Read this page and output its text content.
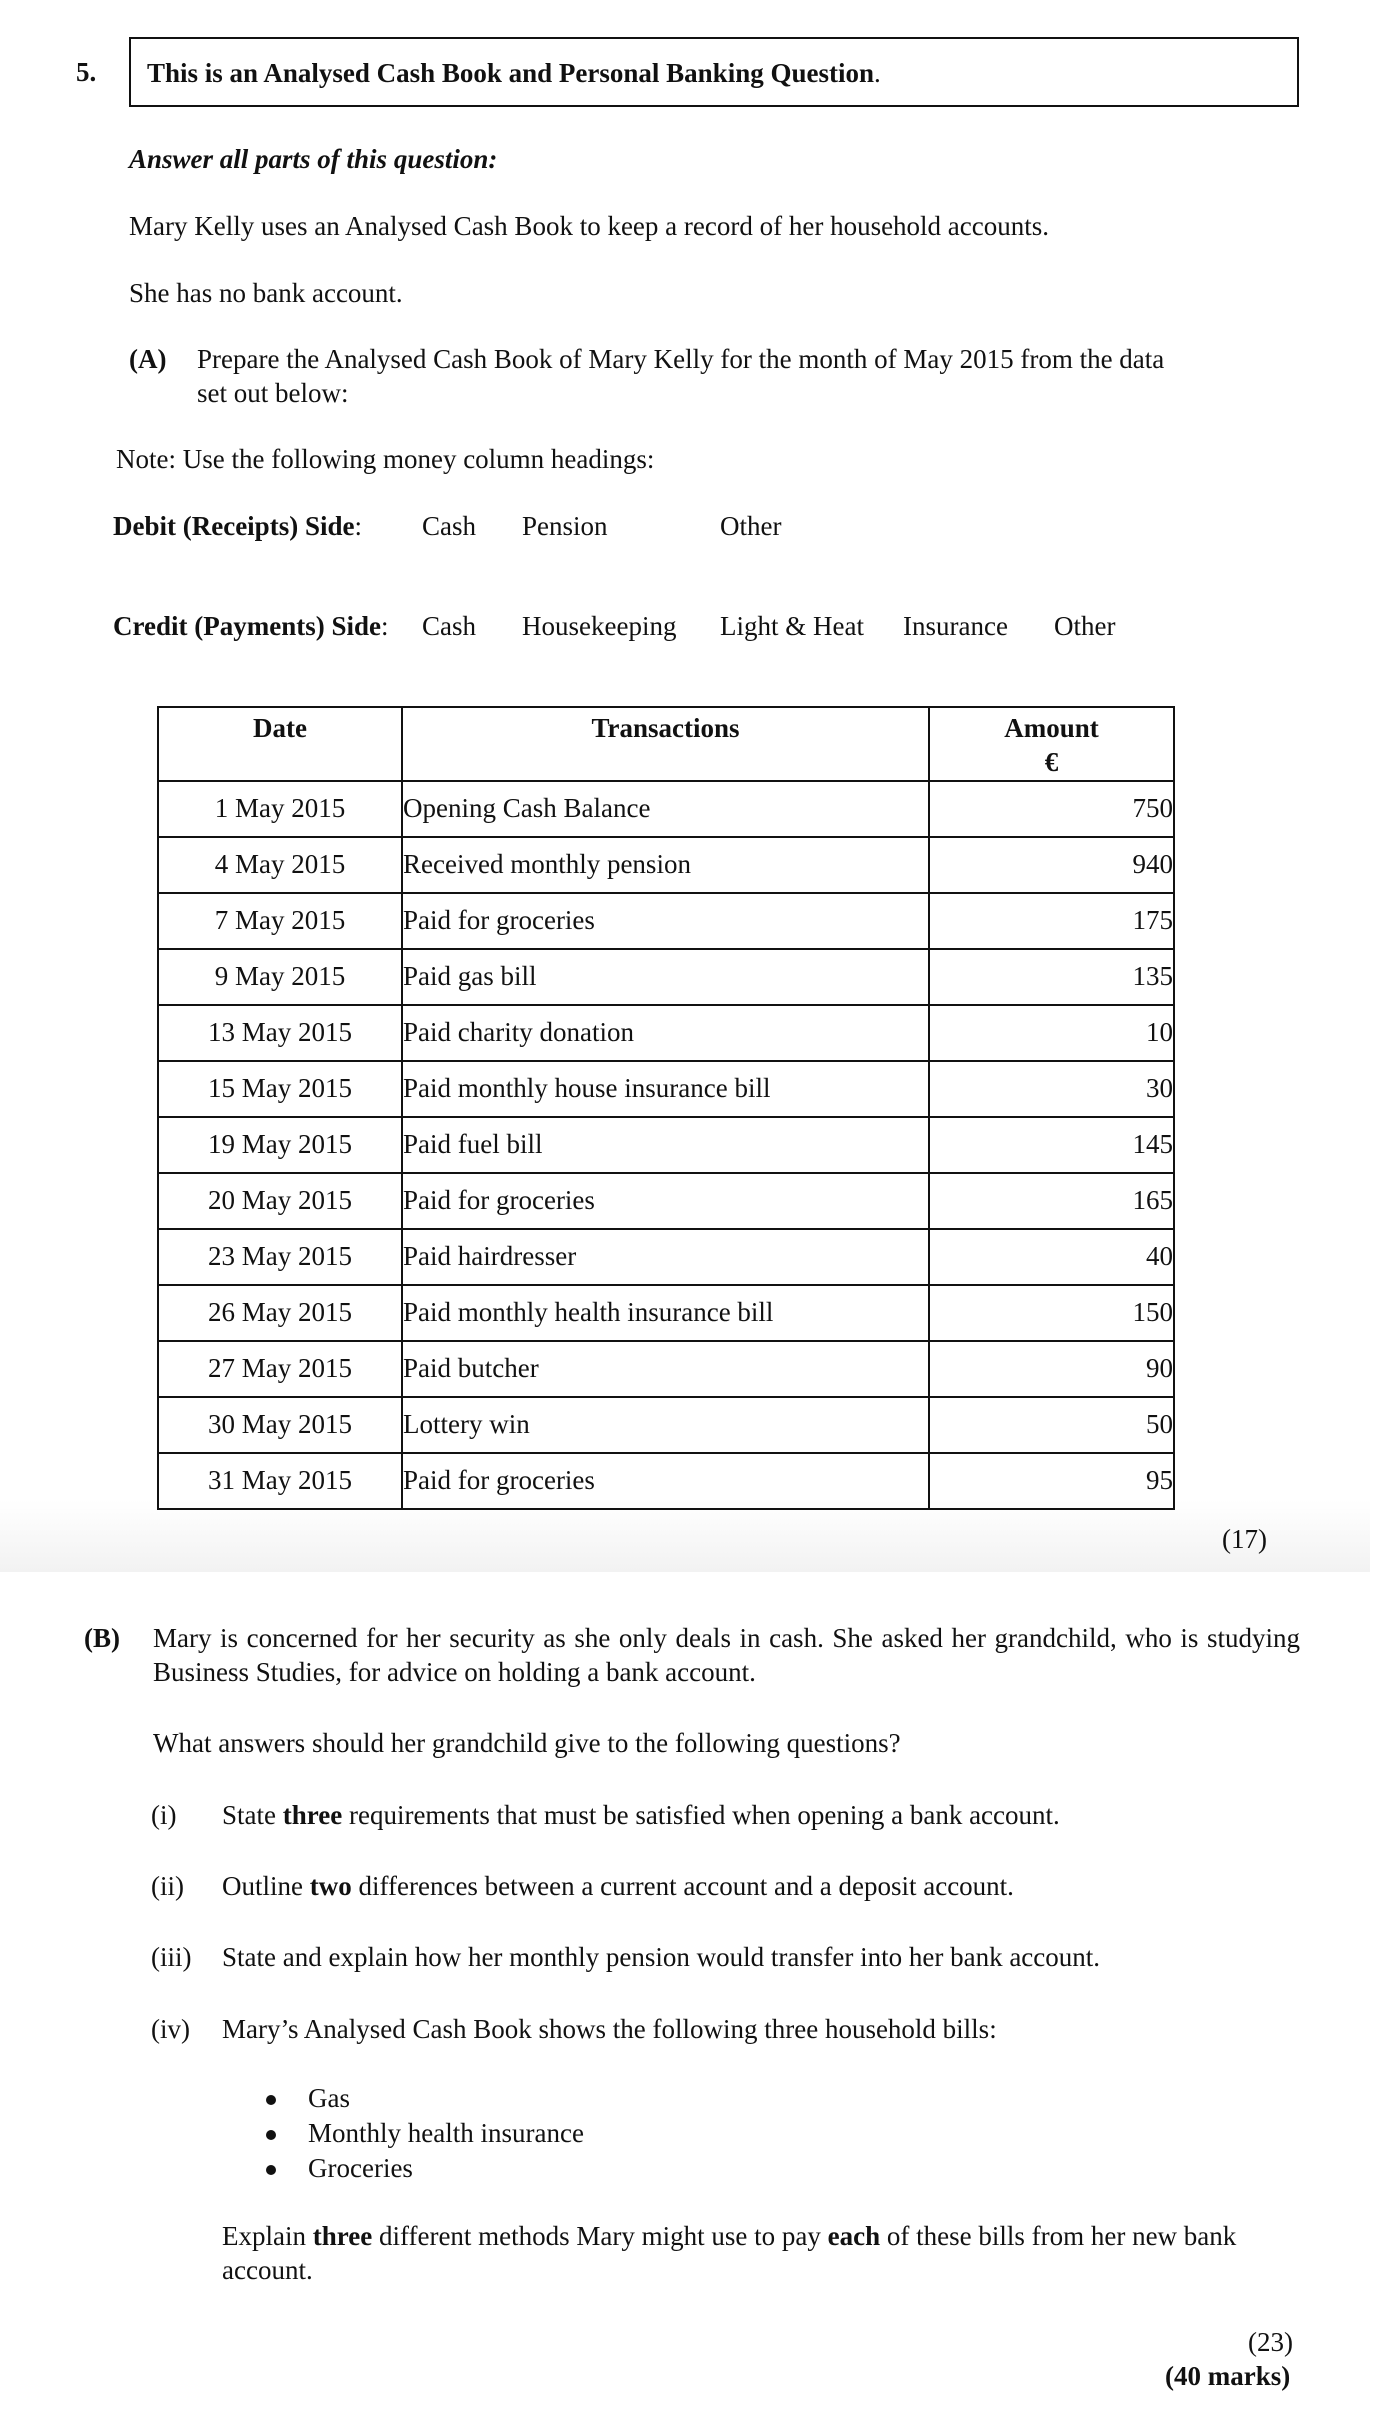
5. This is an Analysed Cash Book and Personal Banking Question.
Answer all parts of this question:
Mary Kelly uses an Analysed Cash Book to keep a record of her household accounts.
She has no bank account.
(A) Prepare the Analysed Cash Book of Mary Kelly for the month of May 2015 from the data set out below:
Note: Use the following money column headings:
Debit (Receipts) Side: Cash Pension	Other
Credit (Payments) Side: Cash Housekeeping Light & Heat Insurance Other
Date	Transactions	Amount
€

1 May 2015	Opening Cash Balance	750
4 May 2015	Received monthly pension	940
7 May 2015	Paid for groceries	175
9 May 2015	Paid gas bill	135
13 May 2015	Paid charity donation	10
15 May 2015	Paid monthly house insurance bill	30
19 May 2015	Paid fuel bill	145
20 May 2015	Paid for groceries	165
23 May 2015	Paid hairdresser	40
26 May 2015	Paid monthly health insurance bill	150
27 May 2015	Paid butcher	90
30 May 2015	Lottery win	50
31 May 2015	Paid for groceries	95
(17)
(B) Mary is concerned for her security as she only deals in cash. She asked her grandchild, who is studying Business Studies, for advice on holding a bank account.
What answers should her grandchild give to the following questions?
(i) State three requirements that must be satisfied when opening a bank account.
(ii) Outline two differences between a current account and a deposit account.
(iii) State and explain how her monthly pension would transfer into her bank account.
(iv) Mary’s Analysed Cash Book shows the following three household bills:
Gas
Monthly health insurance
Groceries
Explain three different methods Mary might use to pay each of these bills from her new bank account.
(23)
(40 marks)
